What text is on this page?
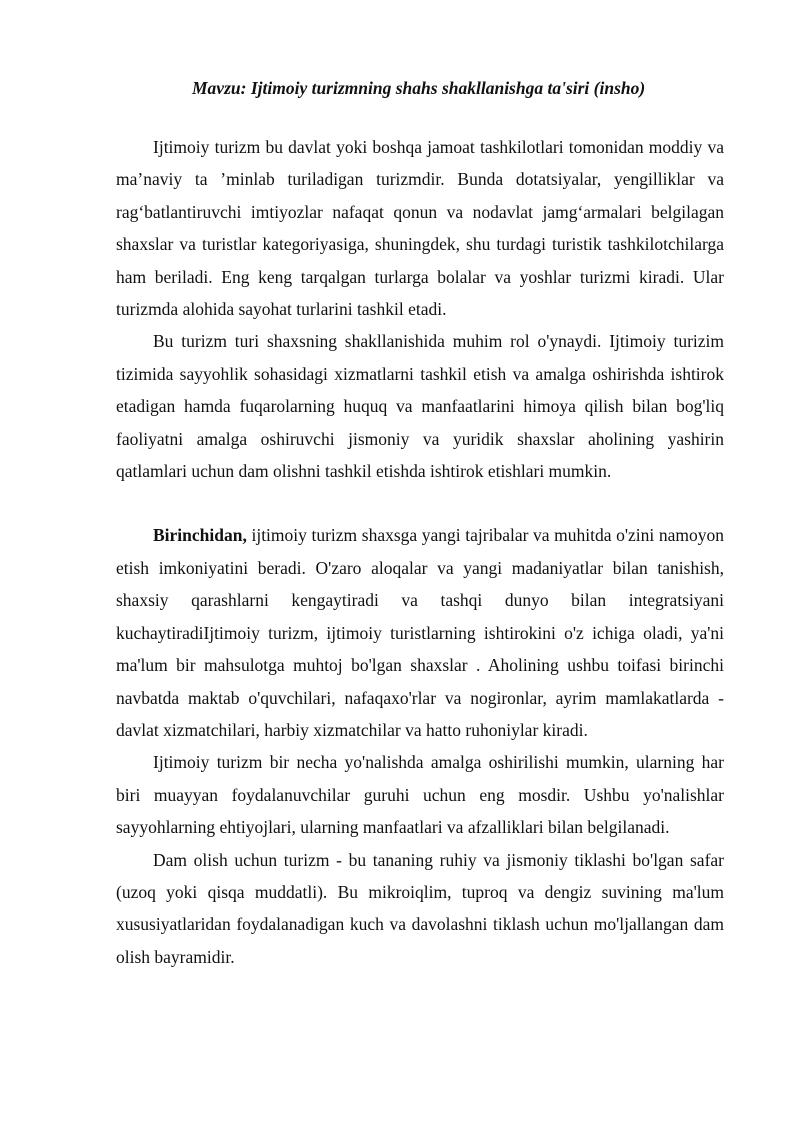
Mavzu: Ijtimoiy turizmning shahs shakllanishga ta'siri (insho)

Ijtimoiy turizm bu davlat yoki boshqa jamoat tashkilotlari tomonidan moddiy va ma’naviy ta ’minlab turiladigan turizmdir. Bunda dotatsiyalar, yengilliklar va rag‘batlantiruvchi imtiyozlar nafaqat qonun va nodavlat jamg‘armalari belgilagan shaxslar va turistlar kategoriyasiga, shuningdek, shu turdagi turistik tashkilotchilarga ham beriladi. Eng keng tarqalgan turlarga bolalar va yoshlar turizmi kiradi. Ular turizmda alohida sayohat turlarini tashkil etadi.

Bu turizm turi shaxsning shakllanishida muhim rol o'ynaydi. Ijtimoiy turizim tizimida sayyohlik sohasidagi xizmatlarni tashkil etish va amalga oshirishda ishtirok etadigan hamda fuqarolarning huquq va manfaatlarini himoya qilish bilan bog'liq faoliyatni amalga oshiruvchi jismoniy va yuridik shaxslar aholining yashirin qatlamlari uchun dam olishni tashkil etishda ishtirok etishlari mumkin.

Birinchidan, ijtimoiy turizm shaxsga yangi tajribalar va muhitda o'zini namoyon etish imkoniyatini beradi. O'zaro aloqalar va yangi madaniyatlar bilan tanishish, shaxsiy qarashlarni kengaytiradi va tashqi dunyo bilan integratsiyani kuchaytiradiIjtimoiy turizm, ijtimoiy turistlarning ishtirokini o'z ichiga oladi, ya'ni ma'lum bir mahsulotga muhtoj bo'lgan shaxslar . Aholining ushbu toifasi birinchi navbatda maktab o'quvchilari, nafaqaxo'rlar va nogironlar, ayrim mamlakatlarda - davlat xizmatchilari, harbiy xizmatchilar va hatto ruhoniylar kiradi.

Ijtimoiy turizm bir necha yo'nalishda amalga oshirilishi mumkin, ularning har biri muayyan foydalanuvchilar guruhi uchun eng mosdir. Ushbu yo'nalishlar sayyohlarning ehtiyojlari, ularning manfaatlari va afzalliklari bilan belgilanadi.

Dam olish uchun turizm - bu tananing ruhiy va jismoniy tiklashi bo'lgan safar (uzoq yoki qisqa muddatli). Bu mikroiqlim, tuproq va dengiz suvining ma'lum xususiyatlaridan foydalanadigan kuch va davolashni tiklash uchun mo'ljallangan dam olish bayramidir.
